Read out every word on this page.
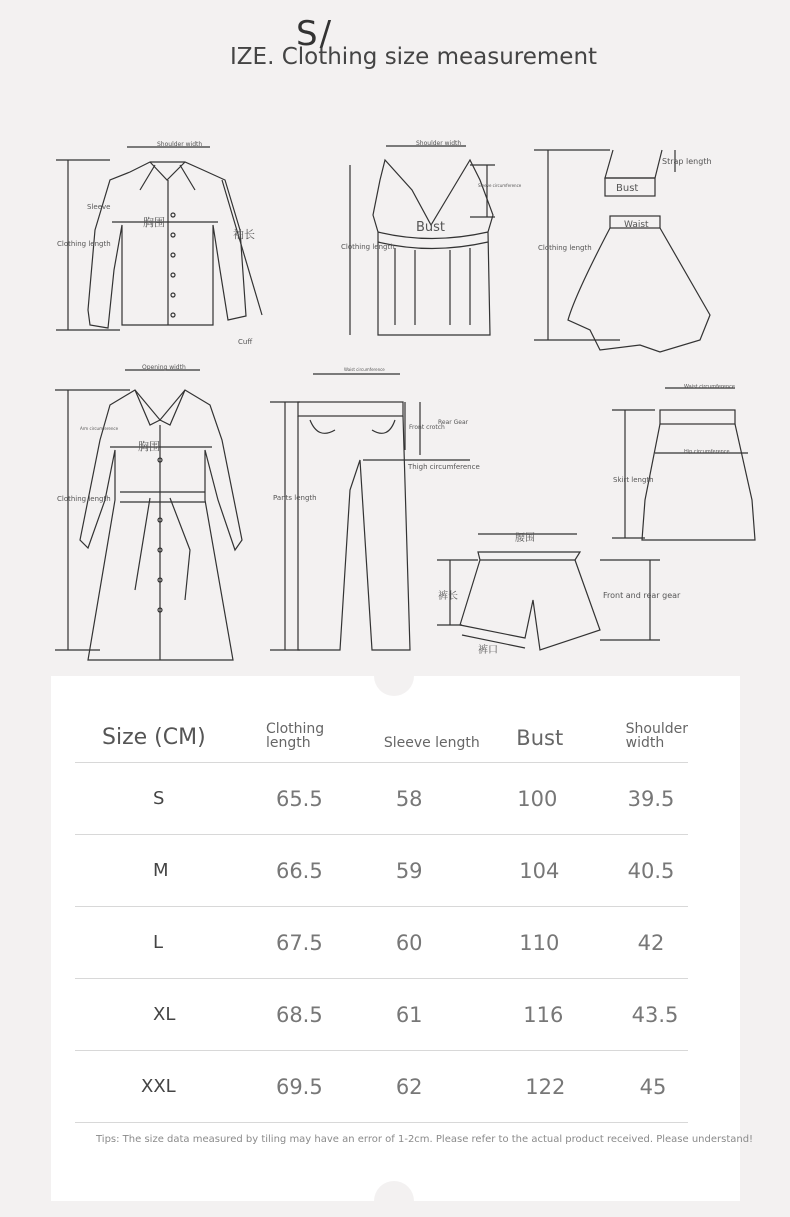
S/
IZE. Clothing size measurement
Shoulder width
Sleeve
胸围
袖长
Clothing length
Cuff
Shoulder width
Sleeve circumference
Bust
Clothing length
Strap length
Bust
Waist
Clothing length
Opening width
Arm circumference
胸围
Clothing length
Waist circumference
Front crotch
Rear Gear
Thigh circumference
Pants length
Waist circumference
Hip circumference
Skirt length
腰围
裤长
裤口
Front and rear gear
Size (CM)	Clothing length	Sleeve length	Bust	Shoulder width
S	65.5	58	100	39.5
M	66.5	59	104	40.5
L	67.5	60	110	42
XL	68.5	61	116	43.5
XXL	69.5	62	122	45
Tips: The size data measured by tiling may have an error of 1-2cm. Please refer to the actual product received. Please understand!
